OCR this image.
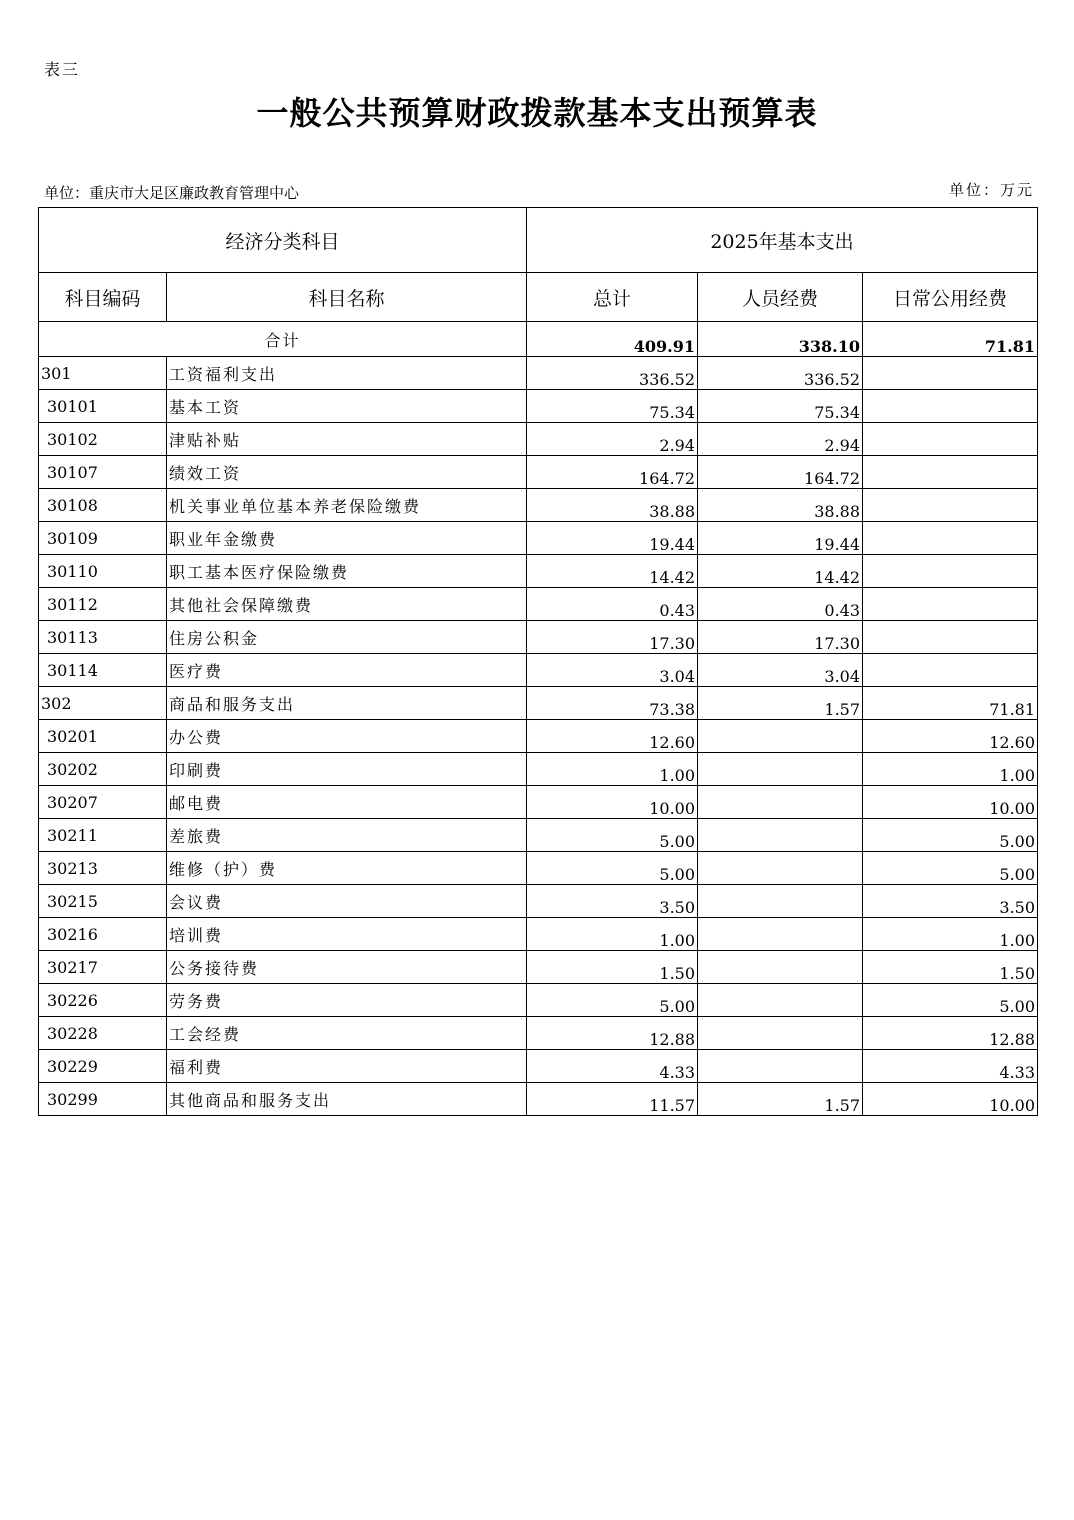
表三
一般公共预算财政拨款基本支出预算表
单位：重庆市大足区廉政教育管理中心	单位：万元
经济分类科目		2025年基本支出		
科目编码	科目名称	总计	人员经费	日常公用经费
合计		409.91	338.10	71.81
301	工资福利支出	336.52	336.52	
30101	基本工资	75.34	75.34	
30102	津贴补贴	2.94	2.94	
30107	绩效工资	164.72	164.72	
30108	机关事业单位基本养老保险缴费	38.88	38.88	
30109	职业年金缴费	19.44	19.44	
30110	职工基本医疗保险缴费	14.42	14.42	
30112	其他社会保障缴费	0.43	0.43	
30113	住房公积金	17.30	17.30	
30114	医疗费	3.04	3.04	
302	商品和服务支出	73.38	1.57	71.81
30201	办公费	12.60		12.60
30202	印刷费	1.00		1.00
30207	邮电费	10.00		10.00
30211	差旅费	5.00		5.00
30213	维修（护）费	5.00		5.00
30215	会议费	3.50		3.50
30216	培训费	1.00		1.00
30217	公务接待费	1.50		1.50
30226	劳务费	5.00		5.00
30228	工会经费	12.88		12.88
30229	福利费	4.33		4.33
30299	其他商品和服务支出	11.57	1.57	10.00
